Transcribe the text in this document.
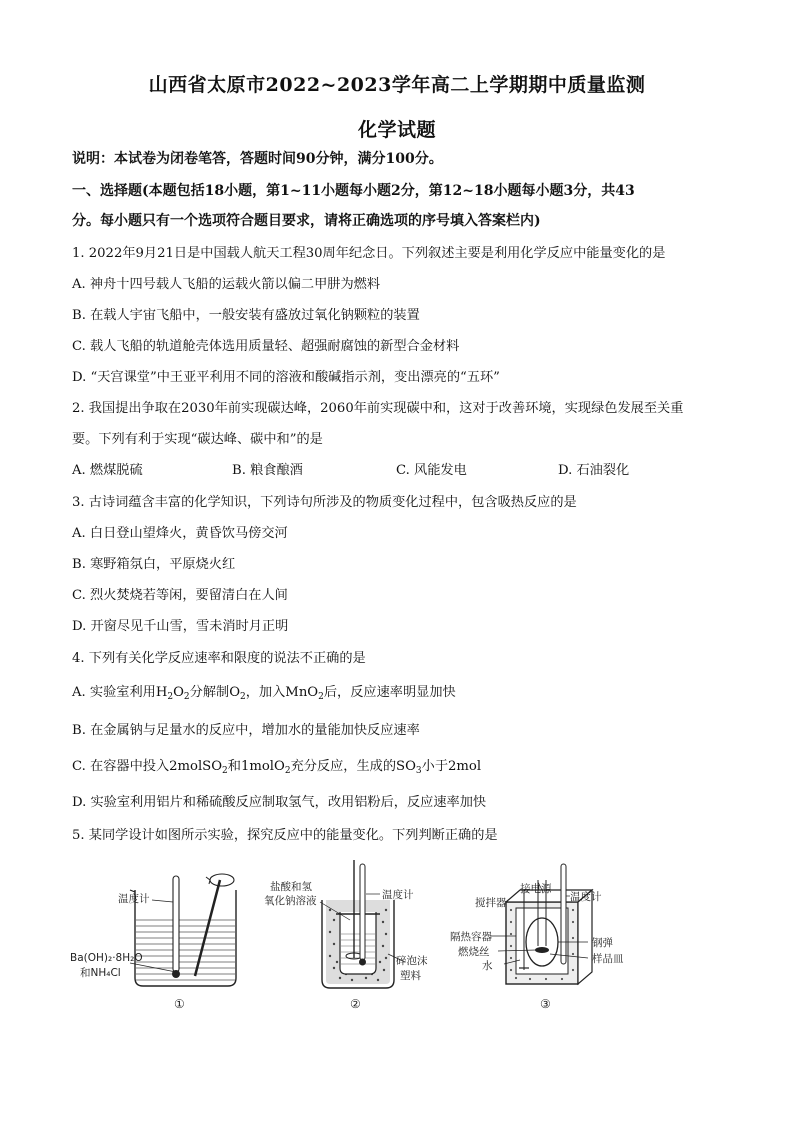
山西省太原市2022~2023学年高二上学期期中质量监测
化学试题
说明：本试卷为闭卷笔答，答题时间90分钟，满分100分。
一、选择题(本题包括18小题，第1~11小题每小题2分，第12~18小题每小题3分，共43
分。每小题只有一个选项符合题目要求，请将正确选项的序号填入答案栏内)
1. 2022年9月21日是中国载人航天工程30周年纪念日。下列叙述主要是利用化学反应中能量变化的是
A. 神舟十四号载人飞船的运载火箭以偏二甲肼为燃料
B. 在载人宇宙飞船中，一般安装有盛放过氧化钠颗粒的装置
C. 载人飞船的轨道舱壳体选用质量轻、超强耐腐蚀的新型合金材料
D. “天宫课堂”中王亚平利用不同的溶液和酸碱指示剂，变出漂亮的“五环”
2. 我国提出争取在2030年前实现碳达峰，2060年前实现碳中和，这对于改善环境，实现绿色发展至关重
要。下列有利于实现“碳达峰、碳中和”的是
A. 燃煤脱硫	B. 粮食酿酒	C. 风能发电	D. 石油裂化
3. 古诗词蕴含丰富的化学知识，下列诗句所涉及的物质变化过程中，包含吸热反应的是
A. 白日登山望烽火，黄昏饮马傍交河
B. 寒野箱氛白，平原烧火红
C. 烈火焚烧若等闲，要留清白在人间
D. 开窗尽见千山雪，雪未消时月正明
4. 下列有关化学反应速率和限度的说法不正确的是
A. 实验室利用$H_2O_2$分解制$O_2$，加入MnO$_2$后，反应速率明显加快
B. 在金属钠与足量水的反应中，增加水的量能加快反应速率
C. 在容器中投入2molSO$_2$和1molO$_2$充分反应，生成的$SO_3$小于2mol
D. 实验室利用铝片和稀硫酸反应制取氢气，改用铝粉后，反应速率加快
5. 某同学设计如图所示实验，探究反应中的能量变化。下列判断正确的是
温度计
Ba(OH)₂·8H₂O
和NH₄Cl
①
盐酸和氢
氧化钠溶液	温度计
碎泡沫
塑料
②
接电源
搅拌器	温度计
隔热容器
燃烧丝
水
钢弹
样品皿
③
